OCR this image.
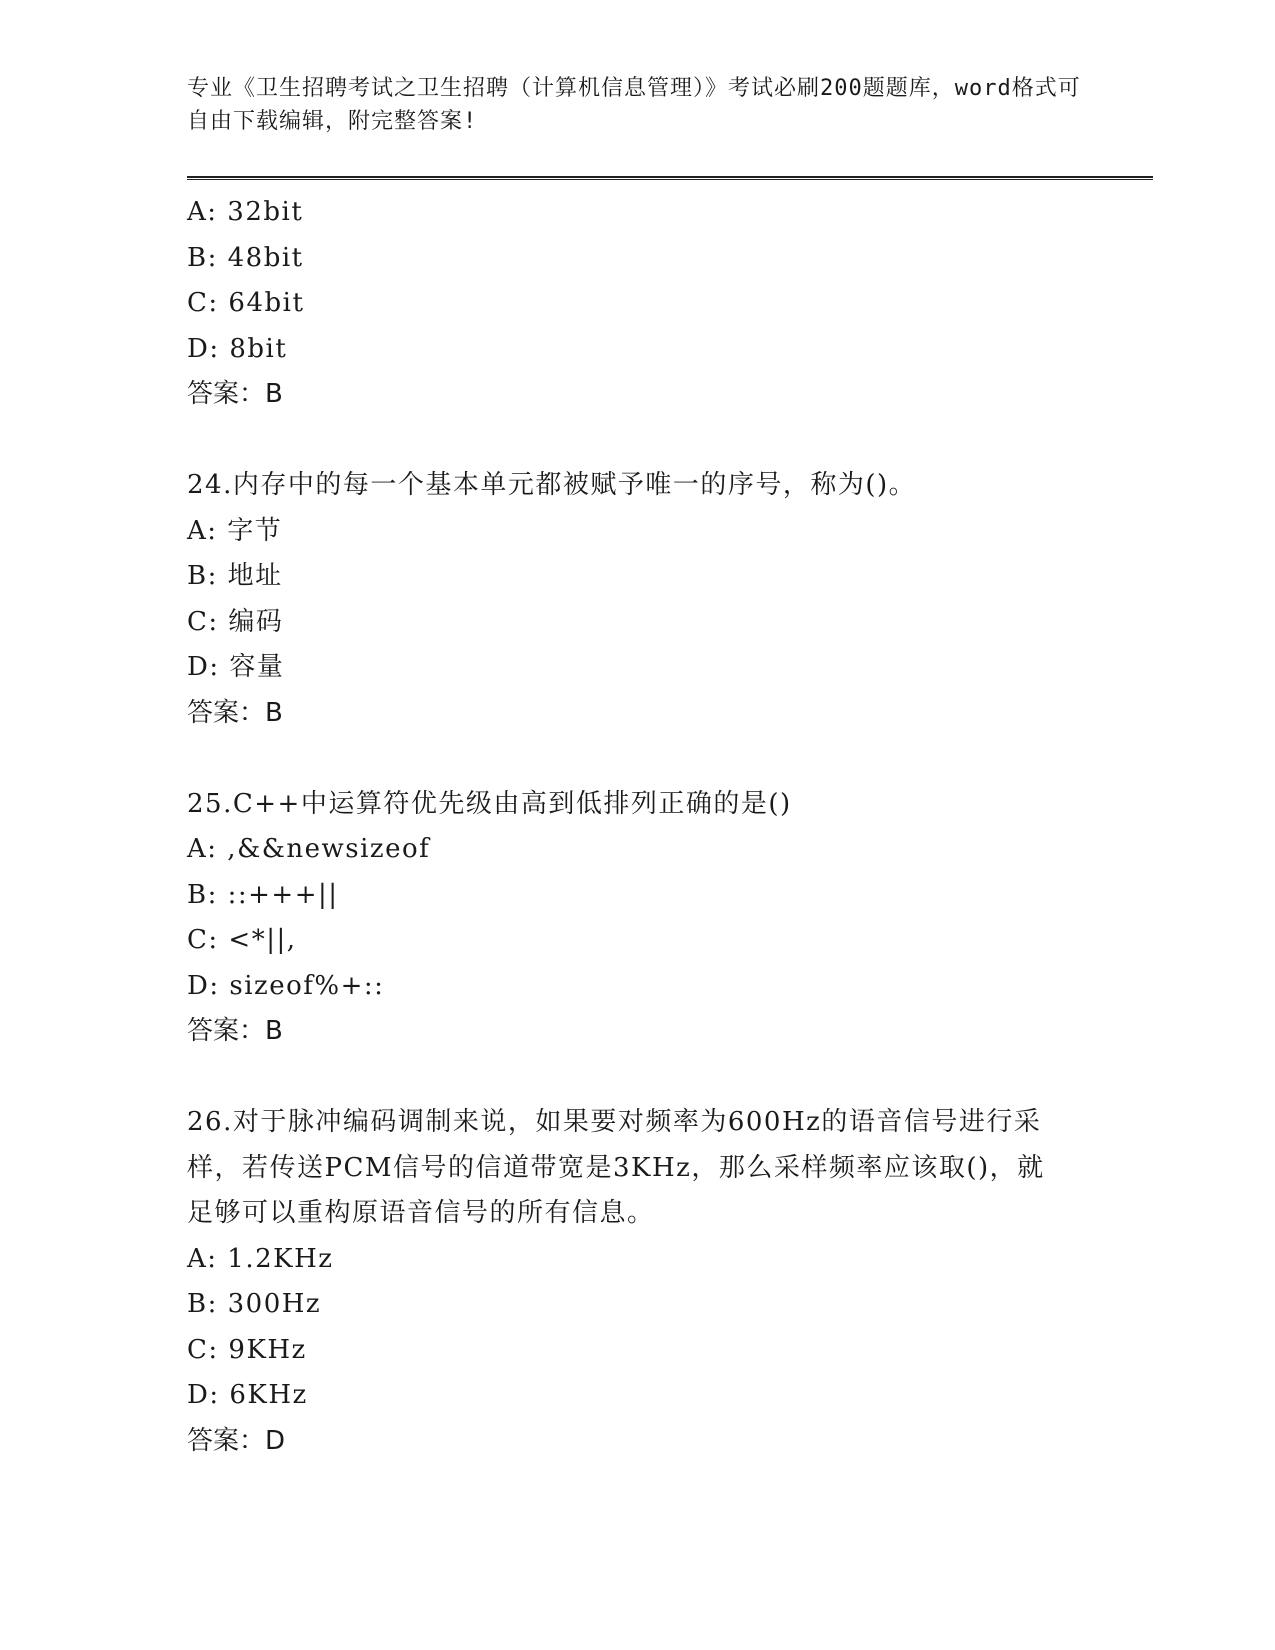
专业《卫生招聘考试之卫生招聘（计算机信息管理）》考试必刷200题题库，word格式可自由下载编辑，附完整答案!
A: 32bit
B: 48bit
C: 64bit
D: 8bit
答案：B
24.内存中的每一个基本单元都被赋予唯一的序号，称为()。
A: 字节
B: 地址
C: 编码
D: 容量
答案：B
25.C++中运算符优先级由高到低排列正确的是()
A: ,&&newsizeof
B: ::+++||
C: <*||,
D: sizeof%+::
答案：B
26.对于脉冲编码调制来说，如果要对频率为600Hz的语音信号进行采样，若传送PCM信号的信道带宽是3KHz，那么采样频率应该取()，就足够可以重构原语音信号的所有信息。
A: 1.2KHz
B: 300Hz
C: 9KHz
D: 6KHz
答案：D
